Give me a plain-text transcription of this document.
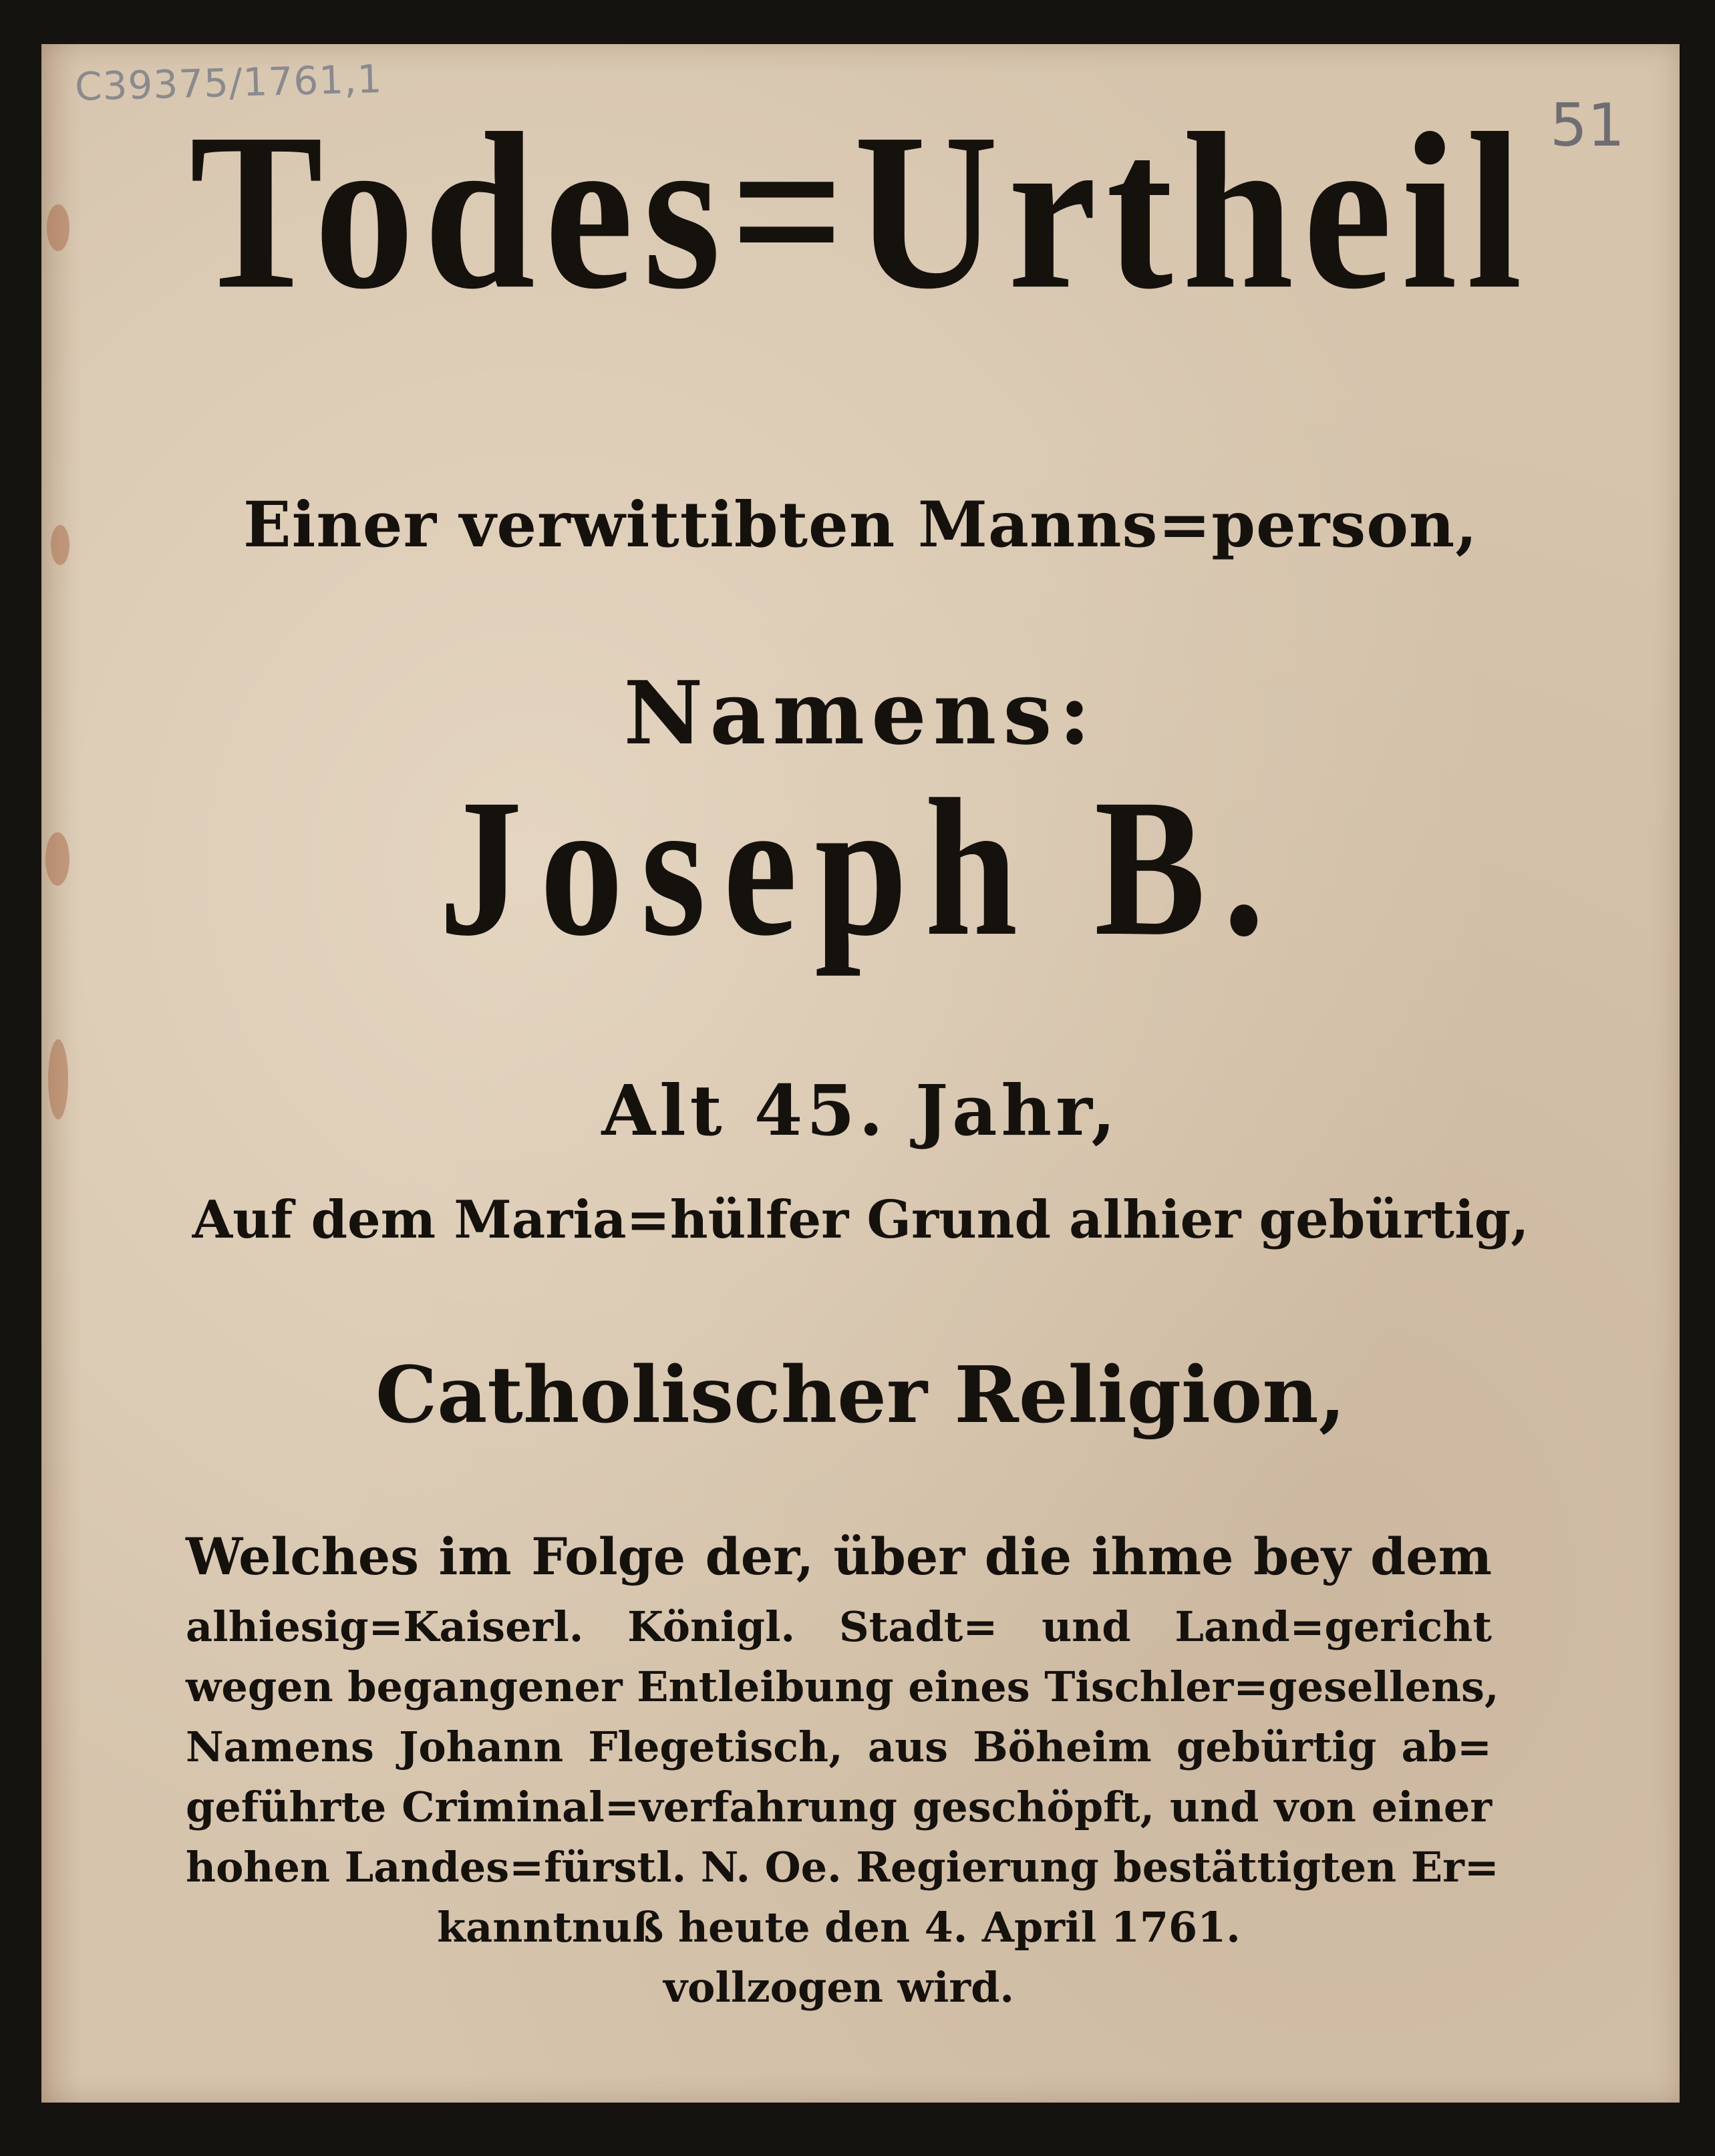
C39375/1761,1
51
Todes=Urtheil
Einer verwittibten Manns=person,
Namens:
Joseph B.
Alt 45. Jahr,
Auf dem Maria=hülfer Grund alhier gebürtig,
Catholischer Religion,
Welches im Folge der, über die ihme bey dem
alhiesig=Kaiserl. Königl. Stadt= und Land=gericht
wegen begangener Entleibung eines Tischler=gesellens,
Namens Johann Flegetisch, aus Böheim gebürtig ab=
geführte Criminal=verfahrung geschöpft, und von einer
hohen Landes=fürstl. N. Oe. Regierung bestättigten Er=
kanntnuß heute den 4. April 1761.
vollzogen wird.
